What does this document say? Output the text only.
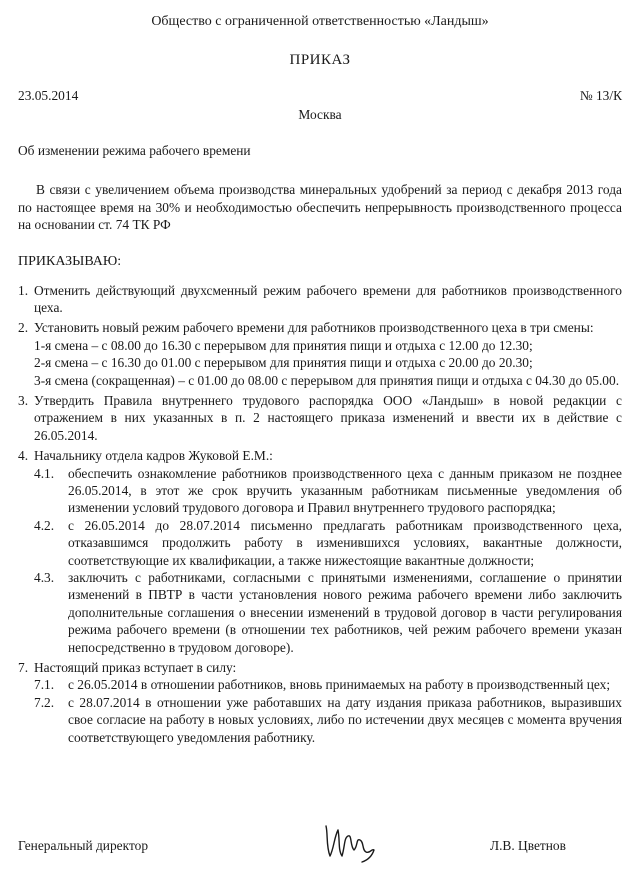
Общество с ограниченной ответственностью «Ландыш»
ПРИКАЗ
23.05.2014	№ 13/К
Москва
Об изменении режима рабочего времени
В связи с увеличением объема производства минеральных удобрений за период с декабря 2013 года по настоящее время на 30% и необходимостью обеспечить непрерывность производственного процесса на основании ст. 74 ТК РФ
ПРИКАЗЫВАЮ:
1. Отменить действующий двухсменный режим рабочего времени для работников производственного цеха.
2. Установить новый режим рабочего времени для работников производственного цеха в три смены:
1-я смена – с 08.00 до 16.30 с перерывом для принятия пищи и отдыха с 12.00 до 12.30;
2-я смена – с 16.30 до 01.00 с перерывом для принятия пищи и отдыха с 20.00 до 20.30;
3-я смена (сокращенная) – с 01.00 до 08.00 с перерывом для принятия пищи и отдыха с 04.30 до 05.00.
3. Утвердить Правила внутреннего трудового распорядка ООО «Ландыш» в новой редакции с отражением в них указанных в п. 2 настоящего приказа изменений и ввести их в действие с 26.05.2014.
4. Начальнику отдела кадров Жуковой Е.М.:
4.1.	обеспечить ознакомление работников производственного цеха с данным приказом не позднее 26.05.2014, в этот же срок вручить указанным работникам письменные уведомления об изменении условий трудового договора и Правил внутреннего трудового распорядка;
4.2.	с 26.05.2014 до 28.07.2014 письменно предлагать работникам производственного цеха, отказавшимся продолжить работу в изменившихся условиях, вакантные должности, соответствующие их квалификации, а также нижестоящие вакантные должности;
4.3.	заключить с работниками, согласными с принятыми изменениями, соглашение о принятии изменений в ПВТР в части установления нового режима рабочего времени либо заключить дополнительные соглашения о внесении изменений в трудовой договор в части регулирования режима рабочего времени (в отношении тех работников, чей режим рабочего времени указан непосредственно в трудовом договоре).
7. Настоящий приказ вступает в силу:
7.1.	с 26.05.2014 в отношении работников, вновь принимаемых на работу в производственный цех;
7.2.	с 28.07.2014 в отношении уже работавших на дату издания приказа работников, выразивших свое согласие на работу в новых условиях, либо по истечении двух месяцев с момента вручения соответствующего уведомления работнику.
Генеральный директор	Л.В. Цветнов
